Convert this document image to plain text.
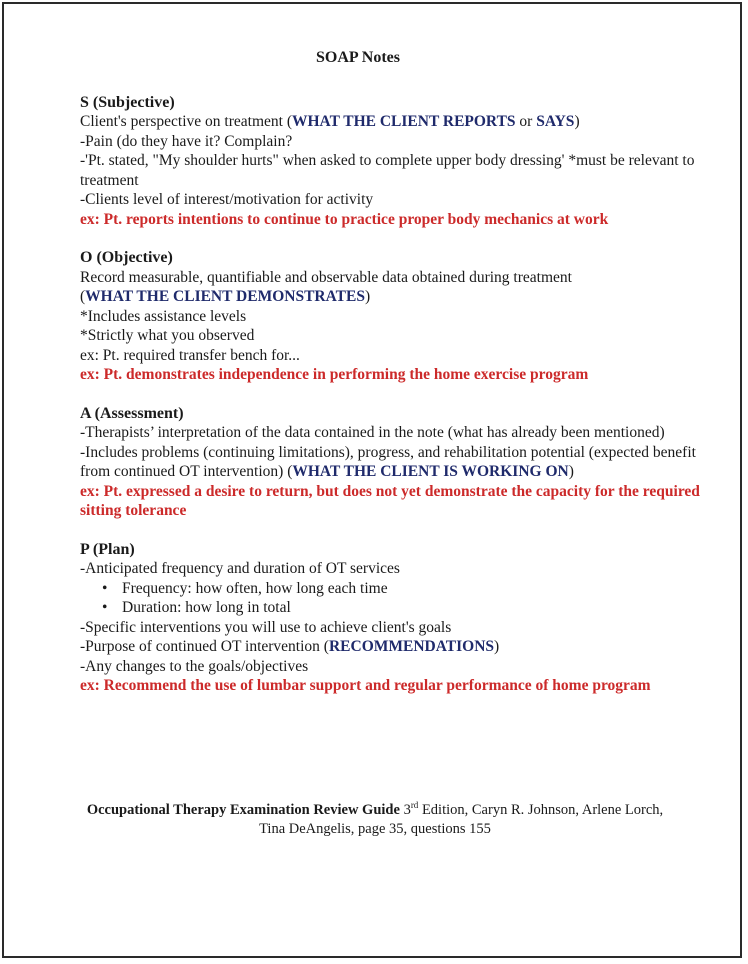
SOAP Notes
S (Subjective)
Client's perspective on treatment (WHAT THE CLIENT REPORTS or SAYS)
-Pain (do they have it? Complain?
-'Pt. stated, "My shoulder hurts" when asked to complete upper body dressing' *must be relevant to treatment
-Clients level of interest/motivation for activity
ex: Pt. reports intentions to continue to practice proper body mechanics at work
O (Objective)
Record measurable, quantifiable and observable data obtained during treatment
(WHAT THE CLIENT DEMONSTRATES)
*Includes assistance levels
*Strictly what you observed
ex: Pt. required transfer bench for...
ex: Pt. demonstrates independence in performing the home exercise program
A (Assessment)
-Therapists’ interpretation of the data contained in the note (what has already been mentioned)
-Includes problems (continuing limitations), progress, and rehabilitation potential (expected benefit from continued OT intervention) (WHAT THE CLIENT IS WORKING ON)
ex: Pt. expressed a desire to return, but does not yet demonstrate the capacity for the required sitting tolerance
P (Plan)
-Anticipated frequency and duration of OT services
• Frequency: how often, how long each time
• Duration: how long in total
-Specific interventions you will use to achieve client's goals
-Purpose of continued OT intervention (RECOMMENDATIONS)
-Any changes to the goals/objectives
ex: Recommend the use of lumbar support and regular performance of home program
Occupational Therapy Examination Review Guide 3rd Edition, Caryn R. Johnson, Arlene Lorch, Tina DeAngelis, page 35, questions 155
